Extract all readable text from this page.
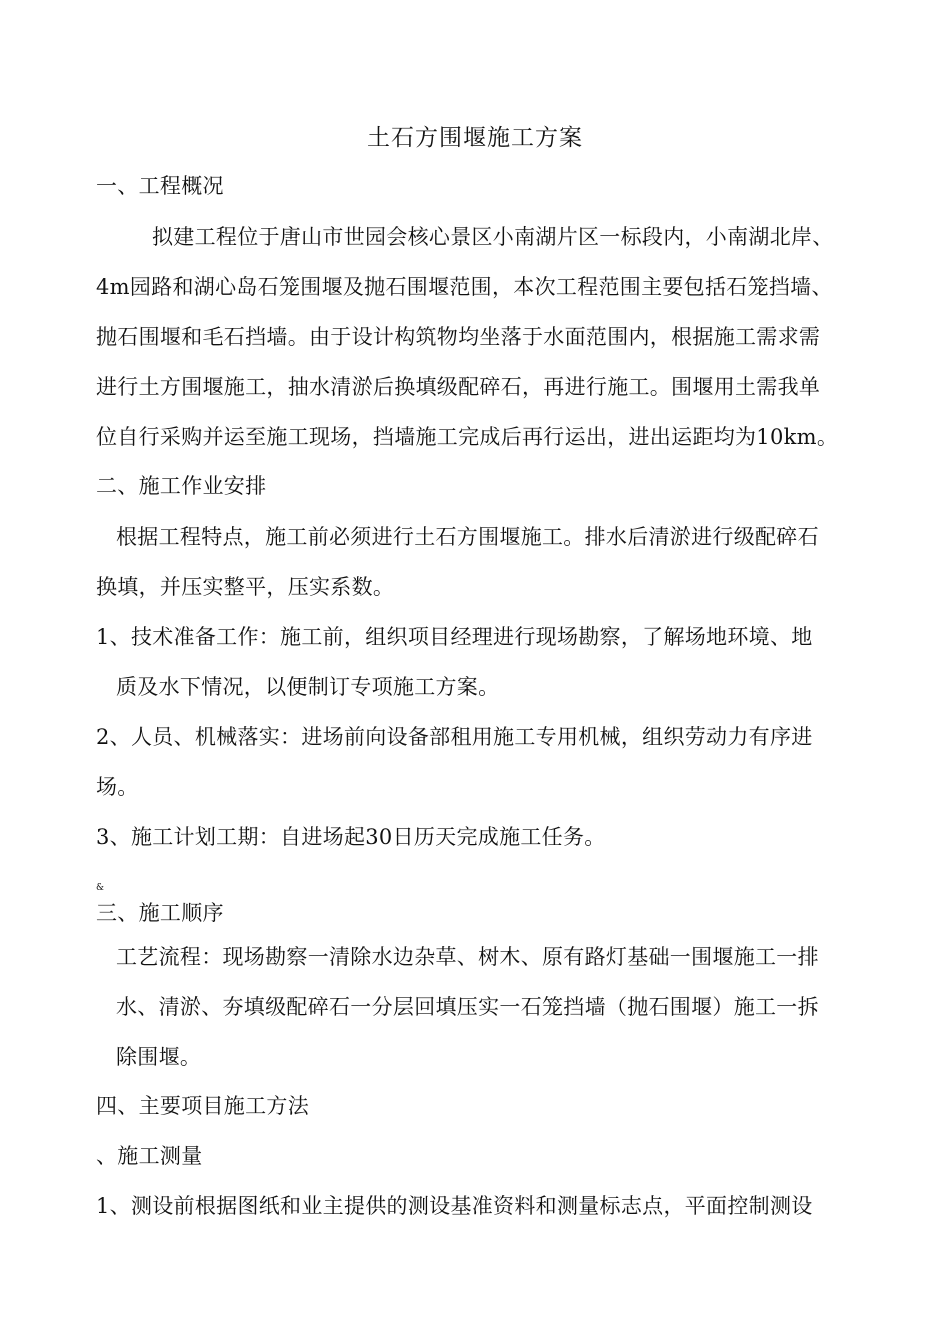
土石方围堰施工方案
一、工程概况
拟建工程位于唐山市世园会核心景区小南湖片区一标段内，小南湖北岸、
4m园路和湖心岛石笼围堰及抛石围堰范围，本次工程范围主要包括石笼挡墙、
抛石围堰和毛石挡墙。由于设计构筑物均坐落于水面范围内，根据施工需求需
进行土方围堰施工，抽水清淤后换填级配碎石，再进行施工。围堰用土需我单
位自行采购并运至施工现场，挡墙施工完成后再行运出，进出运距均为10km。
二、施工作业安排
根据工程特点，施工前必须进行土石方围堰施工。排水后清淤进行级配碎石
换填，并压实整平，压实系数。
1、技术准备工作：施工前，组织项目经理进行现场勘察，了解场地环境、地
质及水下情况，以便制订专项施工方案。
2、人员、机械落实：进场前向设备部租用施工专用机械，组织劳动力有序进
场。
3、施工计划工期：自进场起30日历天完成施工任务。
&
三、施工顺序
工艺流程：现场勘察一清除水边杂草、树木、原有路灯基础一围堰施工一排
水、清淤、夯填级配碎石一分层回填压实一石笼挡墙（抛石围堰）施工一拆
除围堰。
四、主要项目施工方法
、施工测量
1、测设前根据图纸和业主提供的测设基准资料和测量标志点，平面控制测设
